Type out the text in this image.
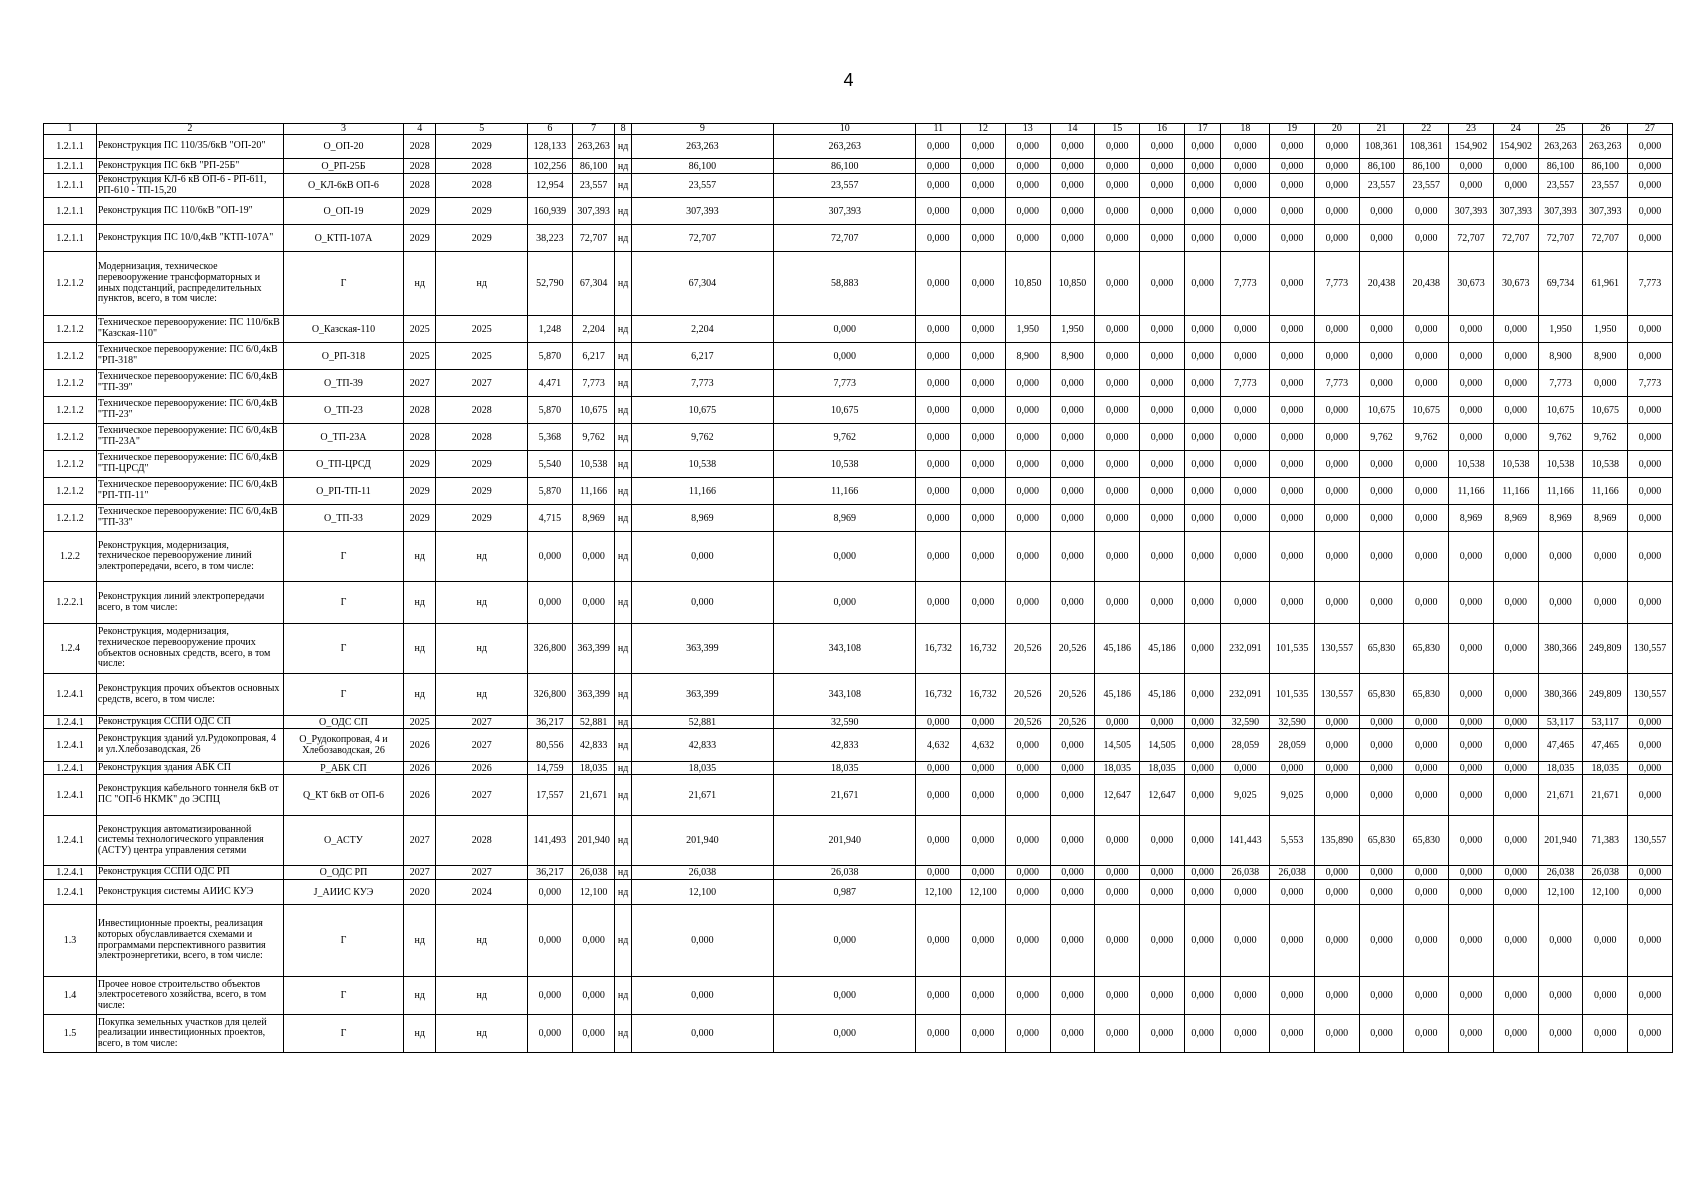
4
1	2	3	4	5	6	7	8	9	10	11	12	13	14	15	16	17	18	19	20	21	22	23	24	25	26	27
1.2.1.1	Реконструкция ПС 110/35/6кВ "ОП-20"	О_ОП-20	2028	2029	128,133	263,263	нд	263,263	263,263	0,000	0,000	0,000	0,000	0,000	0,000	0,000	0,000	0,000	0,000	108,361	108,361	154,902	154,902	263,263	263,263	0,000
1.2.1.1	Реконструкция ПС 6кВ "РП-25Б"	О_РП-25Б	2028	2028	102,256	86,100	нд	86,100	86,100	0,000	0,000	0,000	0,000	0,000	0,000	0,000	0,000	0,000	0,000	86,100	86,100	0,000	0,000	86,100	86,100	0,000
1.2.1.1	Реконструкция КЛ-6 кВ ОП-6 - РП-611, РП-610 - ТП-15,20	О_КЛ-6кВ ОП-6	2028	2028	12,954	23,557	нд	23,557	23,557	0,000	0,000	0,000	0,000	0,000	0,000	0,000	0,000	0,000	0,000	23,557	23,557	0,000	0,000	23,557	23,557	0,000
1.2.1.1	Реконструкция ПС 110/6кВ "ОП-19"	О_ОП-19	2029	2029	160,939	307,393	нд	307,393	307,393	0,000	0,000	0,000	0,000	0,000	0,000	0,000	0,000	0,000	0,000	0,000	0,000	307,393	307,393	307,393	307,393	0,000
1.2.1.1	Реконструкция ПС 10/0,4кВ "КТП-107А"	О_КТП-107А	2029	2029	38,223	72,707	нд	72,707	72,707	0,000	0,000	0,000	0,000	0,000	0,000	0,000	0,000	0,000	0,000	0,000	0,000	72,707	72,707	72,707	72,707	0,000
1.2.1.2	Модернизация, техническое перевооружение трансформаторных и иных подстанций, распределительных пунктов, всего, в том числе:	Г	нд	нд	52,790	67,304	нд	67,304	58,883	0,000	0,000	10,850	10,850	0,000	0,000	0,000	7,773	0,000	7,773	20,438	20,438	30,673	30,673	69,734	61,961	7,773
1.2.1.2	Техническое перевооружение: ПС 110/6кВ "Казская-110"	О_Казская-110	2025	2025	1,248	2,204	нд	2,204	0,000	0,000	0,000	1,950	1,950	0,000	0,000	0,000	0,000	0,000	0,000	0,000	0,000	0,000	0,000	1,950	1,950	0,000
1.2.1.2	Техническое перевооружение: ПС 6/0,4кВ "РП-318"	О_РП-318	2025	2025	5,870	6,217	нд	6,217	0,000	0,000	0,000	8,900	8,900	0,000	0,000	0,000	0,000	0,000	0,000	0,000	0,000	0,000	0,000	8,900	8,900	0,000
1.2.1.2	Техническое перевооружение: ПС 6/0,4кВ "ТП-39"	О_ТП-39	2027	2027	4,471	7,773	нд	7,773	7,773	0,000	0,000	0,000	0,000	0,000	0,000	0,000	7,773	0,000	7,773	0,000	0,000	0,000	0,000	7,773	0,000	7,773
1.2.1.2	Техническое перевооружение: ПС 6/0,4кВ "ТП-23"	О_ТП-23	2028	2028	5,870	10,675	нд	10,675	10,675	0,000	0,000	0,000	0,000	0,000	0,000	0,000	0,000	0,000	0,000	10,675	10,675	0,000	0,000	10,675	10,675	0,000
1.2.1.2	Техническое перевооружение: ПС 6/0,4кВ "ТП-23А"	О_ТП-23А	2028	2028	5,368	9,762	нд	9,762	9,762	0,000	0,000	0,000	0,000	0,000	0,000	0,000	0,000	0,000	0,000	9,762	9,762	0,000	0,000	9,762	9,762	0,000
1.2.1.2	Техническое перевооружение: ПС 6/0,4кВ "ТП-ЦРСД"	О_ТП-ЦРСД	2029	2029	5,540	10,538	нд	10,538	10,538	0,000	0,000	0,000	0,000	0,000	0,000	0,000	0,000	0,000	0,000	0,000	0,000	10,538	10,538	10,538	10,538	0,000
1.2.1.2	Техническое перевооружение: ПС 6/0,4кВ "РП-ТП-11"	О_РП-ТП-11	2029	2029	5,870	11,166	нд	11,166	11,166	0,000	0,000	0,000	0,000	0,000	0,000	0,000	0,000	0,000	0,000	0,000	0,000	11,166	11,166	11,166	11,166	0,000
1.2.1.2	Техническое перевооружение: ПС 6/0,4кВ "ТП-33"	О_ТП-33	2029	2029	4,715	8,969	нд	8,969	8,969	0,000	0,000	0,000	0,000	0,000	0,000	0,000	0,000	0,000	0,000	0,000	0,000	8,969	8,969	8,969	8,969	0,000
1.2.2	Реконструкция, модернизация, техническое перевооружение линий электропередачи, всего, в том числе:	Г	нд	нд	0,000	0,000	нд	0,000	0,000	0,000	0,000	0,000	0,000	0,000	0,000	0,000	0,000	0,000	0,000	0,000	0,000	0,000	0,000	0,000	0,000	0,000
1.2.2.1	Реконструкция линий электропередачи всего, в том числе:	Г	нд	нд	0,000	0,000	нд	0,000	0,000	0,000	0,000	0,000	0,000	0,000	0,000	0,000	0,000	0,000	0,000	0,000	0,000	0,000	0,000	0,000	0,000	0,000
1.2.4	Реконструкция, модернизация, техническое перевооружение прочих объектов основных средств, всего, в том числе:	Г	нд	нд	326,800	363,399	нд	363,399	343,108	16,732	16,732	20,526	20,526	45,186	45,186	0,000	232,091	101,535	130,557	65,830	65,830	0,000	0,000	380,366	249,809	130,557
1.2.4.1	Реконструкция прочих объектов основных средств, всего, в том числе:	Г	нд	нд	326,800	363,399	нд	363,399	343,108	16,732	16,732	20,526	20,526	45,186	45,186	0,000	232,091	101,535	130,557	65,830	65,830	0,000	0,000	380,366	249,809	130,557
1.2.4.1	Реконструкция ССПИ ОДС СП	О_ОДС СП	2025	2027	36,217	52,881	нд	52,881	32,590	0,000	0,000	20,526	20,526	0,000	0,000	0,000	32,590	32,590	0,000	0,000	0,000	0,000	0,000	53,117	53,117	0,000
1.2.4.1	Реконструкция зданий ул.Рудокопровая, 4 и ул.Хлебозаводская, 26	О_Рудокопровая, 4 и Хлебозаводская, 26	2026	2027	80,556	42,833	нд	42,833	42,833	4,632	4,632	0,000	0,000	14,505	14,505	0,000	28,059	28,059	0,000	0,000	0,000	0,000	0,000	47,465	47,465	0,000
1.2.4.1	Реконструкция здания АБК СП	Р_АБК СП	2026	2026	14,759	18,035	нд	18,035	18,035	0,000	0,000	0,000	0,000	18,035	18,035	0,000	0,000	0,000	0,000	0,000	0,000	0,000	0,000	18,035	18,035	0,000
1.2.4.1	Реконструкция кабельного тоннеля 6кВ от ПС "ОП-6 НКМК" до ЭСПЦ	Q_КТ 6кВ от ОП-6	2026	2027	17,557	21,671	нд	21,671	21,671	0,000	0,000	0,000	0,000	12,647	12,647	0,000	9,025	9,025	0,000	0,000	0,000	0,000	0,000	21,671	21,671	0,000
1.2.4.1	Реконструкция автоматизированной системы технологического управления (АСТУ) центра управления сетями	О_АСТУ	2027	2028	141,493	201,940	нд	201,940	201,940	0,000	0,000	0,000	0,000	0,000	0,000	0,000	141,443	5,553	135,890	65,830	65,830	0,000	0,000	201,940	71,383	130,557
1.2.4.1	Реконструкция ССПИ ОДС РП	О_ОДС РП	2027	2027	36,217	26,038	нд	26,038	26,038	0,000	0,000	0,000	0,000	0,000	0,000	0,000	26,038	26,038	0,000	0,000	0,000	0,000	0,000	26,038	26,038	0,000
1.2.4.1	Реконструкция системы АИИС КУЭ	J_АИИС КУЭ	2020	2024	0,000	12,100	нд	12,100	0,987	12,100	12,100	0,000	0,000	0,000	0,000	0,000	0,000	0,000	0,000	0,000	0,000	0,000	0,000	12,100	12,100	0,000
1.3	Инвестиционные проекты, реализация которых обуславливается схемами и программами перспективного развития электроэнергетики, всего, в том числе:	Г	нд	нд	0,000	0,000	нд	0,000	0,000	0,000	0,000	0,000	0,000	0,000	0,000	0,000	0,000	0,000	0,000	0,000	0,000	0,000	0,000	0,000	0,000	0,000
1.4	Прочее новое строительство объектов электросетевого хозяйства, всего, в том числе:	Г	нд	нд	0,000	0,000	нд	0,000	0,000	0,000	0,000	0,000	0,000	0,000	0,000	0,000	0,000	0,000	0,000	0,000	0,000	0,000	0,000	0,000	0,000	0,000
1.5	Покупка земельных участков для целей реализации инвестиционных проектов, всего, в том числе:	Г	нд	нд	0,000	0,000	нд	0,000	0,000	0,000	0,000	0,000	0,000	0,000	0,000	0,000	0,000	0,000	0,000	0,000	0,000	0,000	0,000	0,000	0,000	0,000
